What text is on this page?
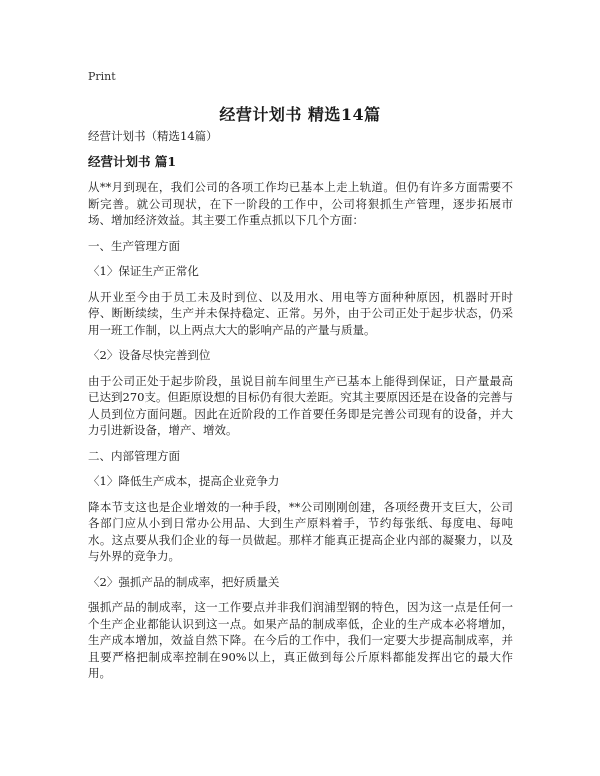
Print
经营计划书 精选14篇
经营计划书（精选14篇）
经营计划书 篇1

从**月到现在，我们公司的各项工作均已基本上走上轨道。但仍有许多方面需要不断完善。就公司现状，在下一阶段的工作中，公司将狠抓生产管理，逐步拓展市场、增加经济效益。其主要工作重点抓以下几个方面：

一、生产管理方面
〈1〉保证生产正常化

从开业至今由于员工未及时到位、以及用水、用电等方面种种原因，机器时开时停、断断续续，生产并未保持稳定、正常。另外，由于公司正处于起步状态，仍采用一班工作制，以上两点大大的影响产品的产量与质量。

〈2〉设备尽快完善到位

由于公司正处于起步阶段，虽说目前车间里生产已基本上能得到保证，日产量最高已达到270支。但距原设想的目标仍有很大差距。究其主要原因还是在设备的完善与人员到位方面问题。因此在近阶段的工作首要任务即是完善公司现有的设备，并大力引进新设备，增产、增效。

二、内部管理方面
〈1〉降低生产成本，提高企业竞争力

降本节支这也是企业增效的一种手段，**公司刚刚创建，各项经费开支巨大，公司各部门应从小到日常办公用品、大到生产原料着手，节约每张纸、每度电、每吨水。这点要从我们企业的每一员做起。那样才能真正提高企业内部的凝聚力，以及与外界的竞争力。

〈2〉强抓产品的制成率，把好质量关

强抓产品的制成率，这一工作要点并非我们润浦型钢的特色，因为这一点是任何一个生产企业都能认识到这一点。如果产品的制成率低，企业的生产成本必将增加，生产成本增加，效益自然下降。在今后的工作中，我们一定要大步提高制成率，并且要严格把制成率控制在90%以上，真正做到每公斤原料都能发挥出它的最大作用。
